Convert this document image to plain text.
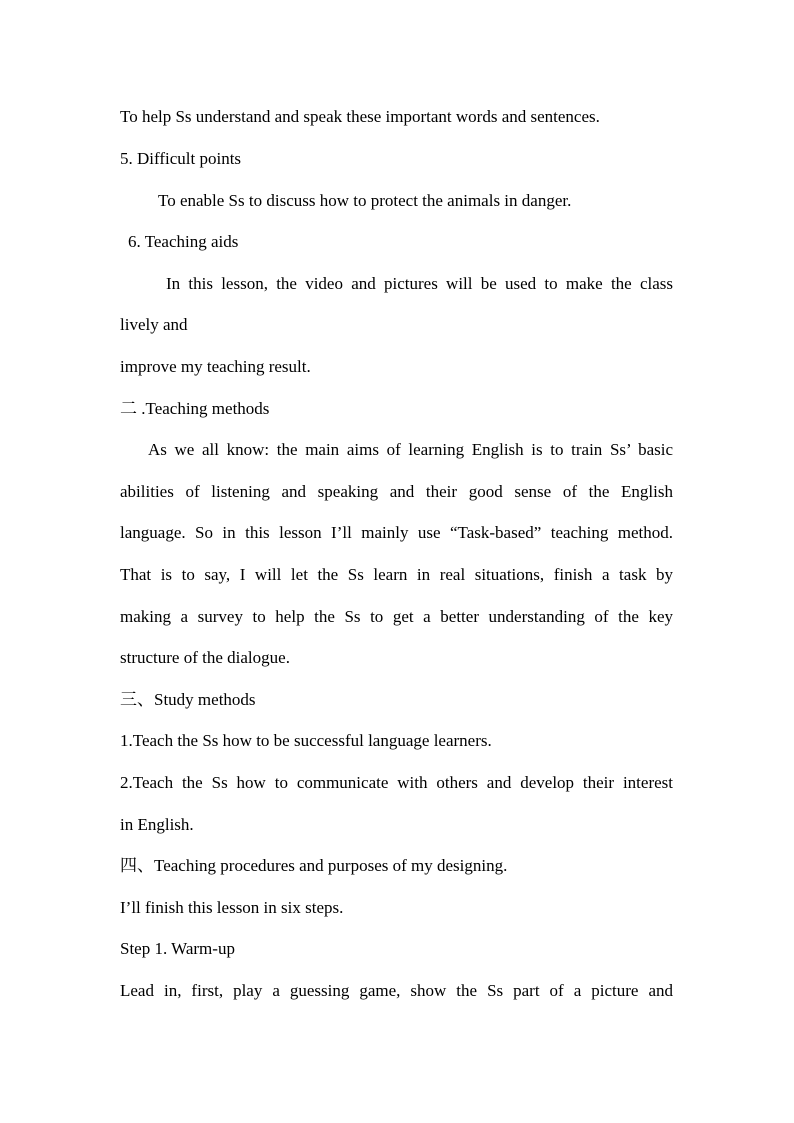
To help Ss understand and speak these important words and sentences.
5. Difficult points
To enable Ss to discuss how to protect the animals in danger.
6. Teaching aids
In this lesson, the video and pictures will be used to make the class
lively and
improve my teaching result.
二 .Teaching methods
As we all know: the main aims of learning English is to train Ss’ basic
abilities of listening and speaking and their good sense of the English
language. So in this lesson I’ll mainly use “Task-based” teaching method.
That is to say, I will let the Ss learn in real situations, finish a task by
making a survey to help the Ss to get a better understanding of the key
structure of the dialogue.
三、Study methods
1.Teach the Ss how to be successful language learners.
2.Teach the Ss how to communicate with others and develop their interest
in English.
四、Teaching procedures and purposes of my designing.
I’ll finish this lesson in six steps.
Step 1. Warm-up
Lead in, first, play a guessing game, show the Ss part of a picture and
